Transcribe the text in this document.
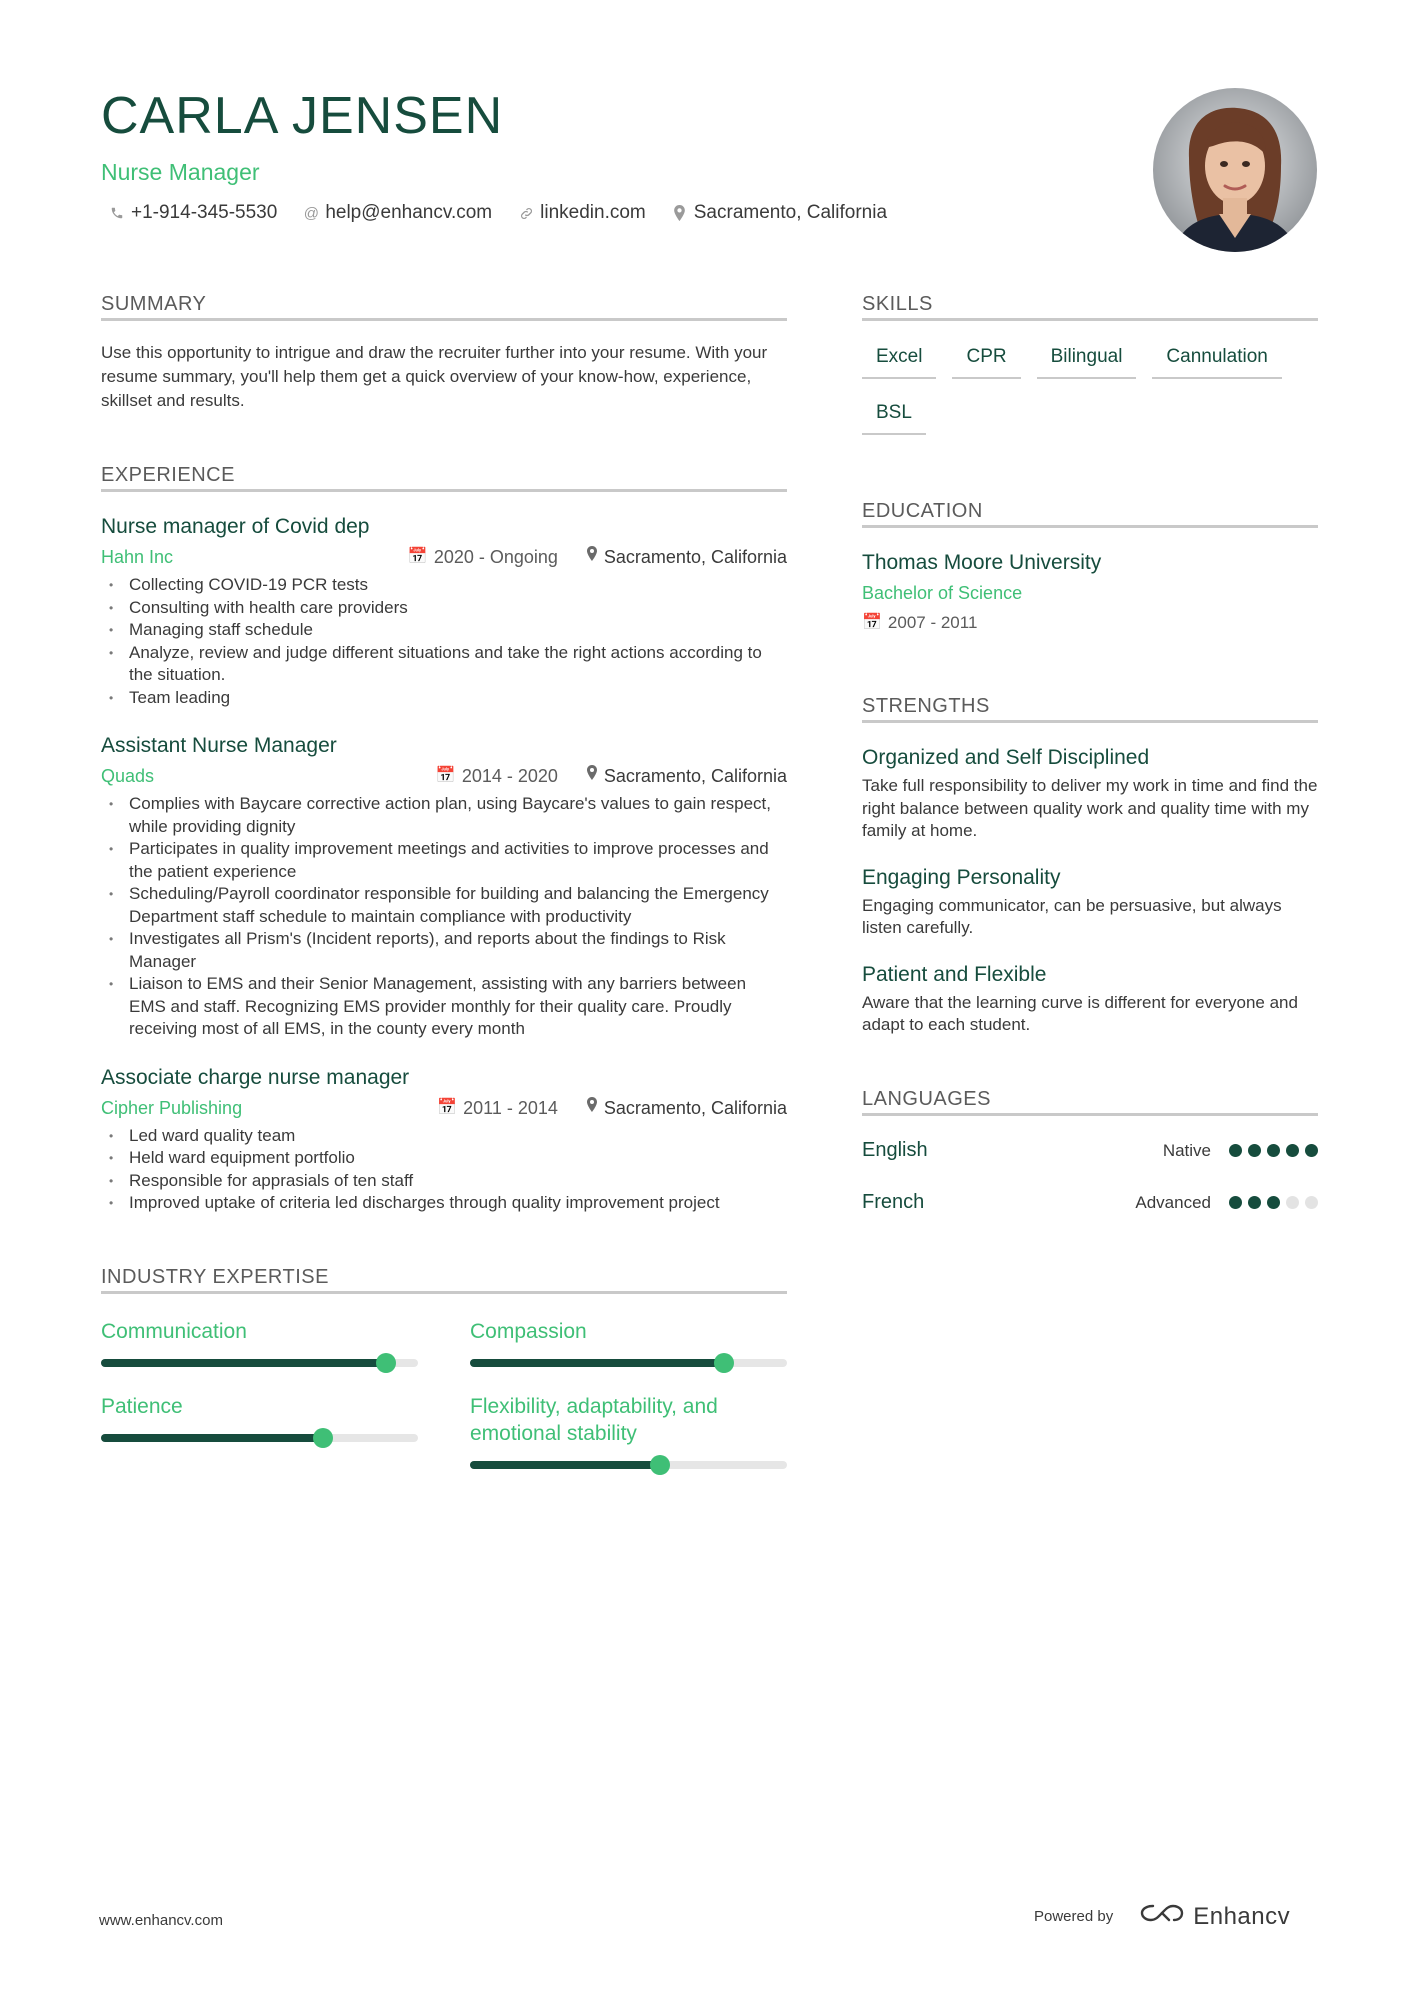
CARLA JENSEN
Nurse Manager
+1-914-345-5530 @ help@enhancv.com	linkedin.com	Sacramento, California
SUMMARY
Use this opportunity to intrigue and draw the recruiter further into your resume. With your resume summary, you'll help them get a quick overview of your know-how, experience, skillset and results.
EXPERIENCE
Nurse manager of Covid dep
Hahn Inc	📅 2020 - Ongoing	Sacramento, California
• Collecting COVID-19 PCR tests
• Consulting with health care providers
• Managing staff schedule
• Analyze, review and judge different situations and take the right actions according to the situation.
• Team leading
Assistant Nurse Manager
Quads	📅 2014 - 2020	Sacramento, California
• Complies with Baycare corrective action plan, using Baycare's values to gain respect, while providing dignity
• Participates in quality improvement meetings and activities to improve processes and the patient experience
• Scheduling/Payroll coordinator responsible for building and balancing the Emergency Department staff schedule to maintain compliance with productivity
• Investigates all Prism's (Incident reports), and reports about the findings to Risk Manager
• Liaison to EMS and their Senior Management, assisting with any barriers between EMS and staff. Recognizing EMS provider monthly for their quality care. Proudly receiving most of all EMS, in the county every month
Associate charge nurse manager
Cipher Publishing	📅 2011 - 2014	Sacramento, California
• Led ward quality team
• Held ward equipment portfolio
• Responsible for apprasials of ten staff
• Improved uptake of criteria led discharges through quality improvement project
INDUSTRY EXPERTISE
Communication	Compassion
Patience	Flexibility, adaptability, and emotional stability
SKILLS
Excel	CPR	Bilingual	Cannulation
BSL
EDUCATION
Thomas Moore University
Bachelor of Science
📅 2007 - 2011
STRENGTHS
Organized and Self Disciplined
Take full responsibility to deliver my work in time and find the right balance between quality work and quality time with my family at home.
Engaging Personality
Engaging communicator, can be persuasive, but always listen carefully.
Patient and Flexible
Aware that the learning curve is different for everyone and adapt to each student.
LANGUAGES
English	Native
French	Advanced
www.enhancv.com	Powered by	Enhancv
